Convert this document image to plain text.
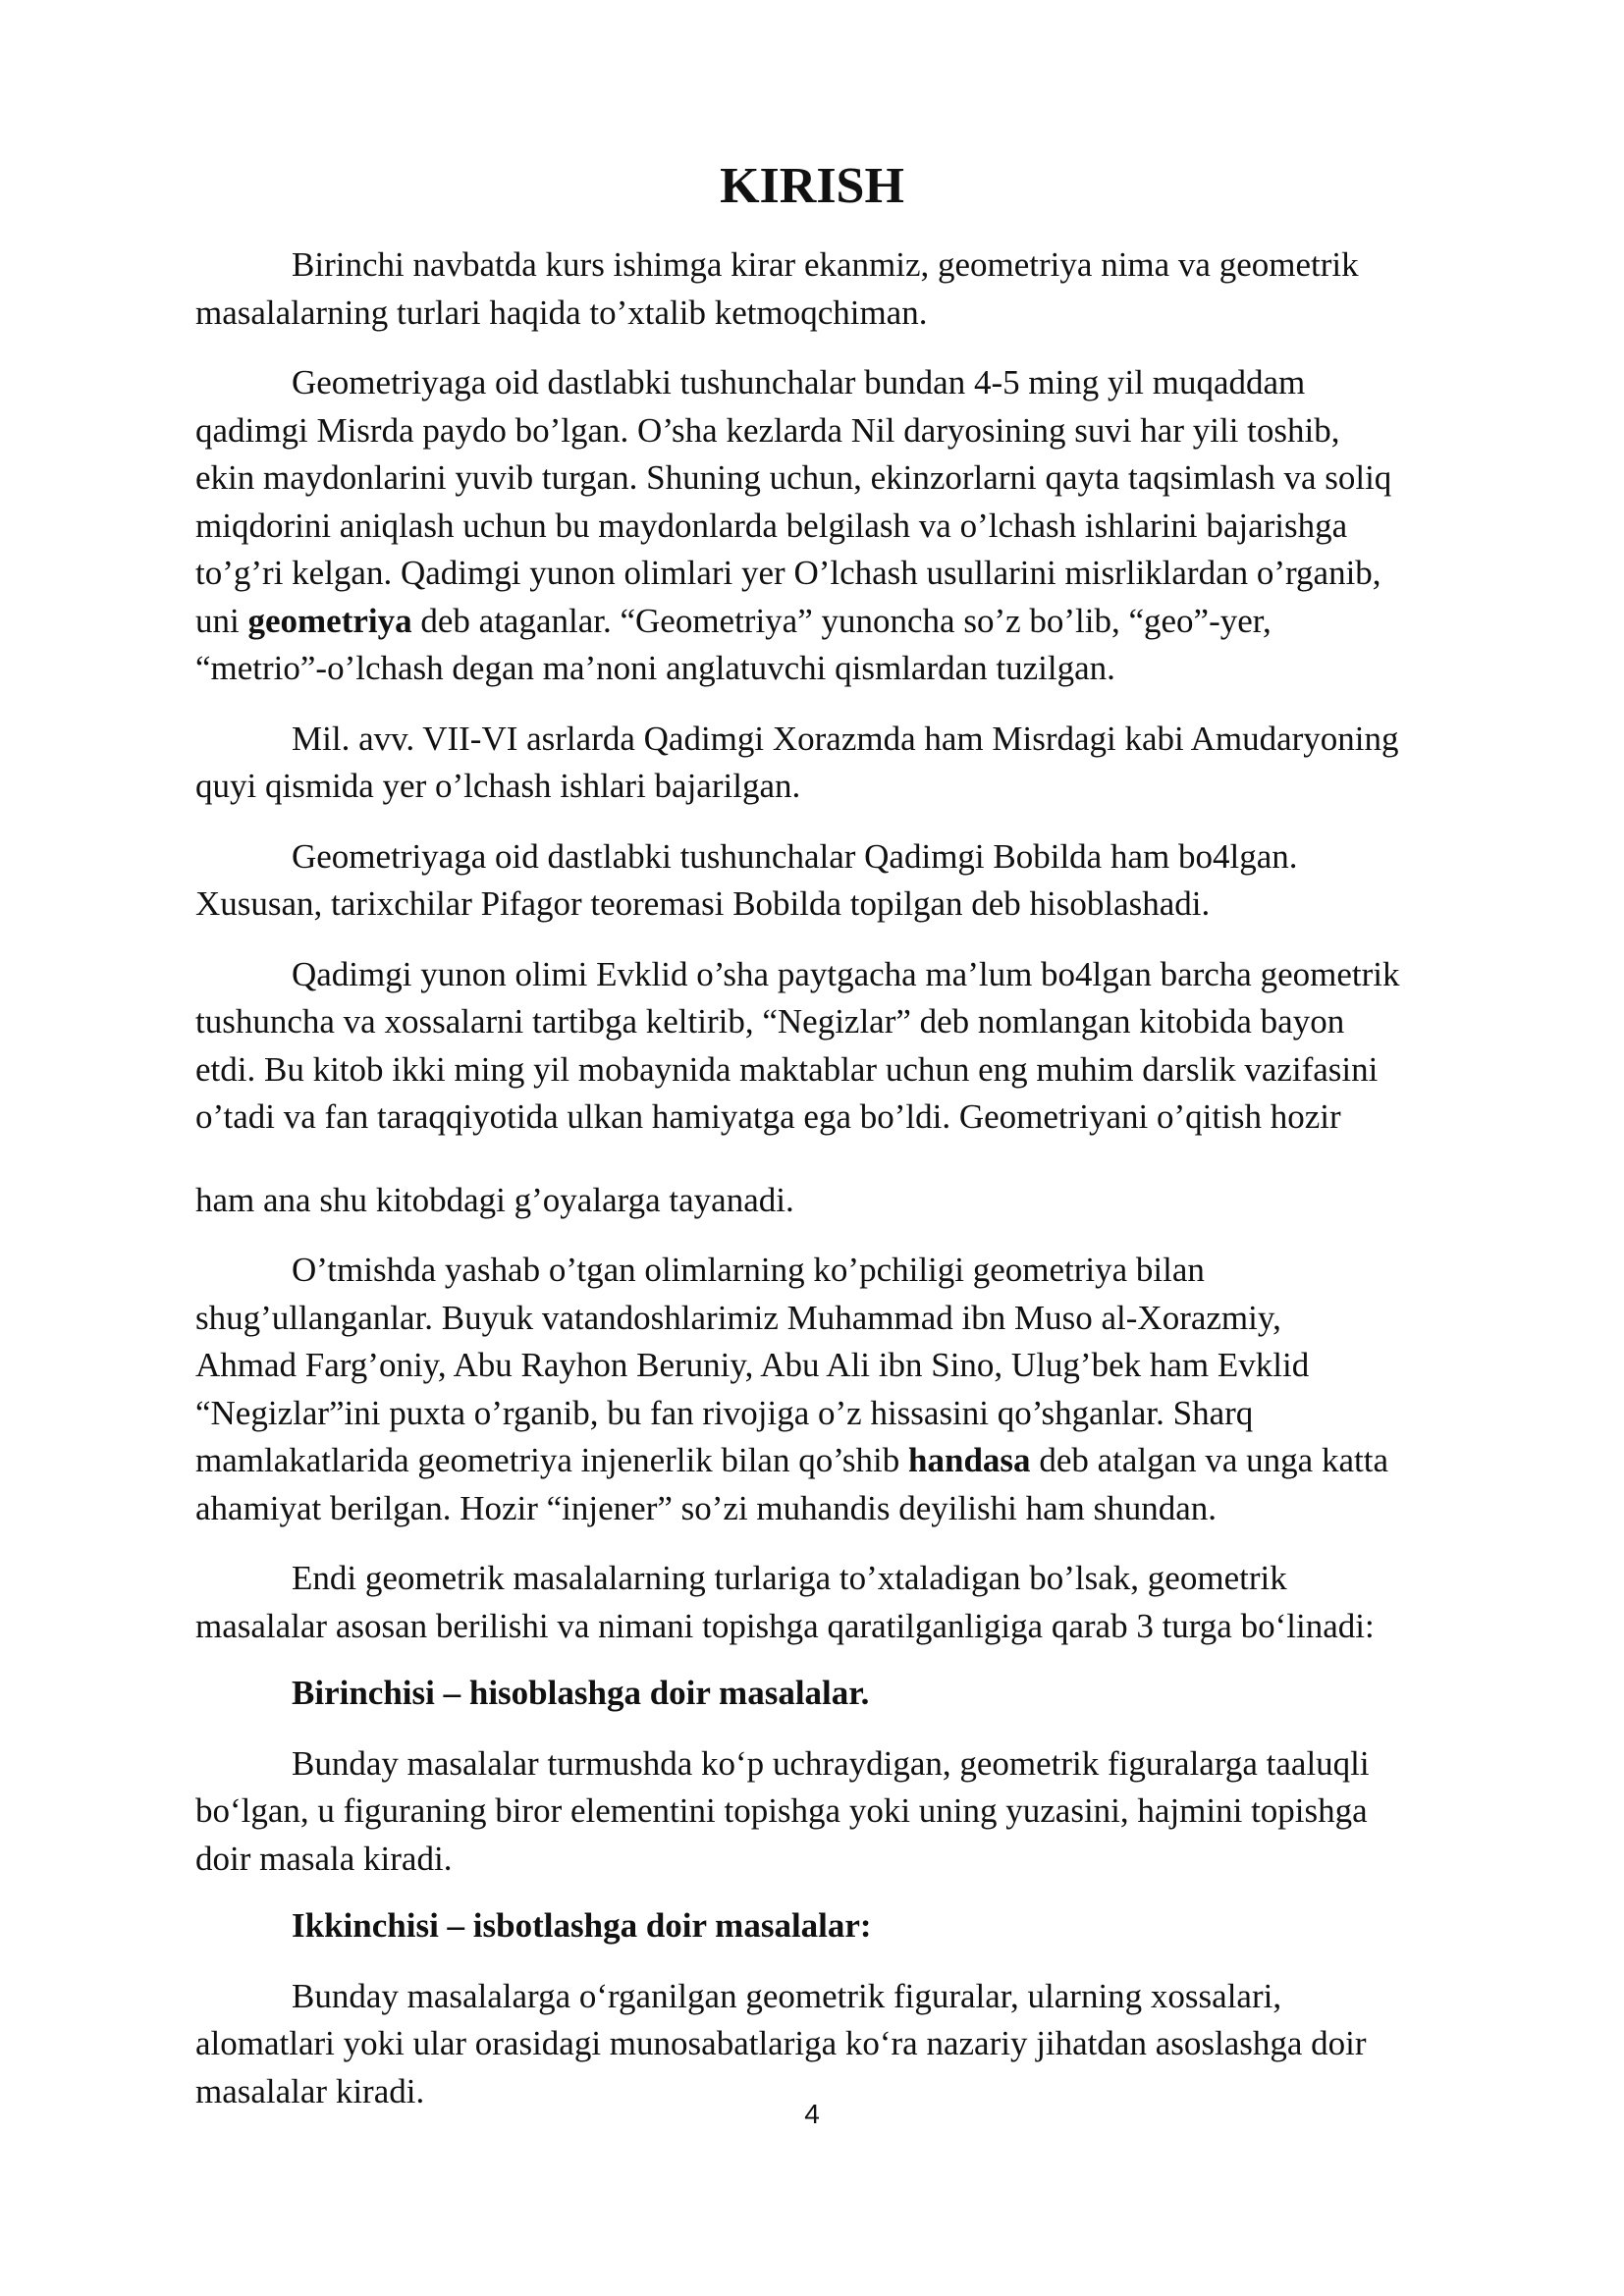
KIRISH

Birinchi navbatda kurs ishimga kirar ekanmiz, geometriya nima va geometrik
masalalarning turlari haqida to’xtalib ketmoqchiman.

Geometriyaga oid dastlabki tushunchalar bundan 4-5 ming yil muqaddam
qadimgi Misrda paydo bo’lgan. O’sha kezlarda Nil daryosining suvi har yili toshib,
ekin maydonlarini yuvib turgan. Shuning uchun, ekinzorlarni qayta taqsimlash va soliq
miqdorini aniqlash uchun bu maydonlarda belgilash va o’lchash ishlarini bajarishga
to’g’ri kelgan. Qadimgi yunon olimlari yer O’lchash usullarini misrliklardan o’rganib,
uni geometriya deb ataganlar. “Geometriya” yunoncha so’z bo’lib, “geo”-yer,
“metrio”-o’lchash degan ma’noni anglatuvchi qismlardan tuzilgan.

Mil. avv. VII-VI asrlarda Qadimgi Xorazmda ham Misrdagi kabi Amudaryoning
quyi qismida yer o’lchash ishlari bajarilgan.

Geometriyaga oid dastlabki tushunchalar Qadimgi Bobilda ham bo4lgan.
Xususan, tarixchilar Pifagor teoremasi Bobilda topilgan deb hisoblashadi.

Qadimgi yunon olimi Evklid o’sha paytgacha ma’lum bo4lgan barcha geometrik
tushuncha va xossalarni tartibga keltirib, “Negizlar” deb nomlangan kitobida bayon
etdi. Bu kitob ikki ming yil mobaynida maktablar uchun eng muhim darslik vazifasini
o’tadi va fan taraqqiyotida ulkan hamiyatga ega bo’ldi. Geometriyani o’qitish hozir

ham ana shu kitobdagi g’oyalarga tayanadi.

O’tmishda yashab o’tgan olimlarning ko’pchiligi geometriya bilan
shug’ullanganlar. Buyuk vatandoshlarimiz Muhammad ibn Muso al-Xorazmiy,
Ahmad Farg’oniy, Abu Rayhon Beruniy, Abu Ali ibn Sino, Ulug’bek ham Evklid
“Negizlar”ini puxta o’rganib, bu fan rivojiga o’z hissasini qo’shganlar. Sharq
mamlakatlarida geometriya injenerlik bilan qo’shib handasa deb atalgan va unga katta
ahamiyat berilgan. Hozir “injener” so’zi muhandis deyilishi ham shundan.

Endi geometrik masalalarning turlariga to’xtaladigan bo’lsak, geometrik
masalalar asosan berilishi va nimani topishga qaratilganligiga qarab 3 turga bo‘linadi:

Birinchisi – hisoblashga doir masalalar.

Bunday masalalar turmushda ko‘p uchraydigan, geometrik figuralarga taaluqli
bo‘lgan, u figuraning biror elementini topishga yoki uning yuzasini, hajmini topishga
doir masala kiradi.

Ikkinchisi – isbotlashga doir masalalar:

Bunday masalalarga o‘rganilgan geometrik figuralar, ularning xossalari,
alomatlari yoki ular orasidagi munosabatlariga ko‘ra nazariy jihatdan asoslashga doir
masalalar kiradi.

4
